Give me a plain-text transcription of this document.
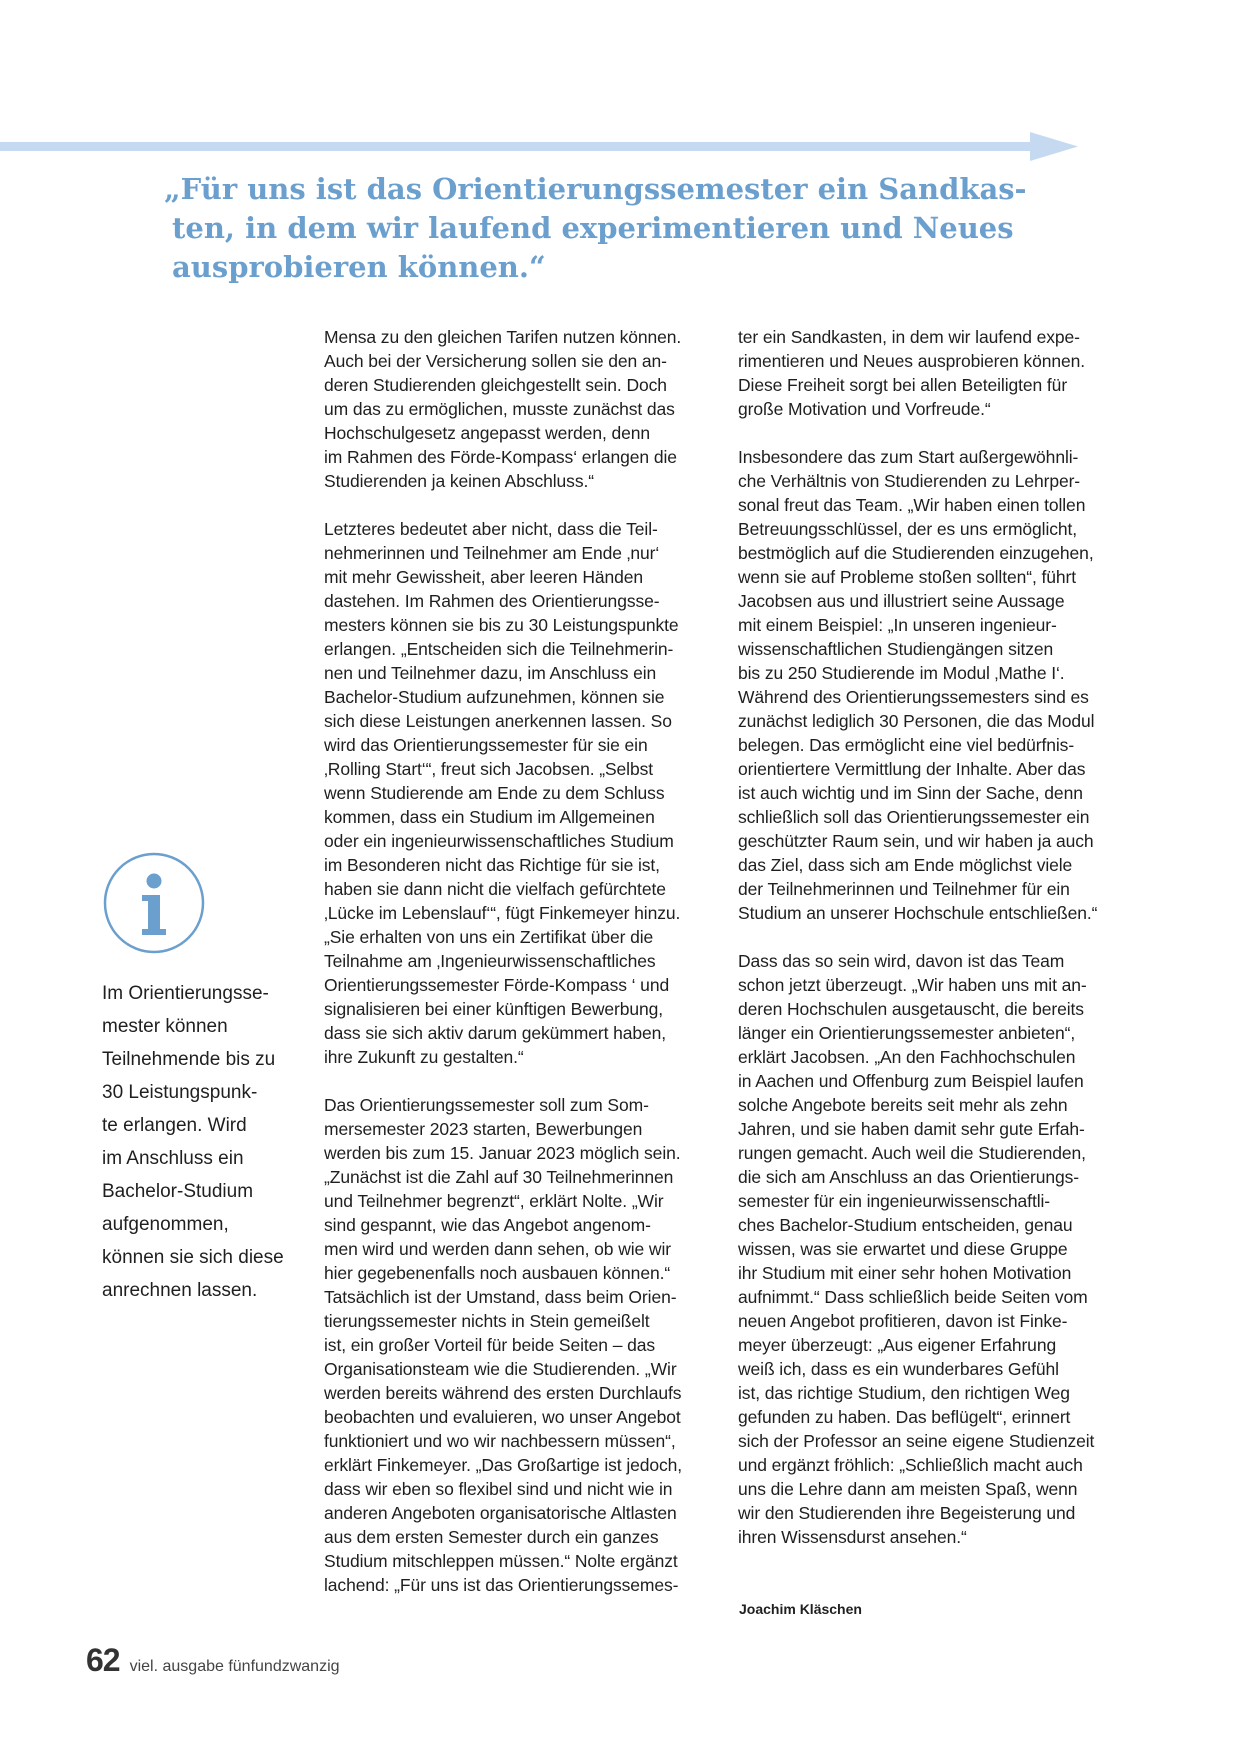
„Für uns ist das Orientierungssemester ein Sandkas-
ten, in dem wir laufend experimentieren und Neues
ausprobieren können.“
Im Orientierungsse-
mester können
Teilnehmende bis zu
30 Leistungspunk-
te erlangen. Wird
im Anschluss ein
Bachelor-Studium
aufgenommen,
können sie sich diese
anrechnen lassen.
Mensa zu den gleichen Tarifen nutzen können.
Auch bei der Versicherung sollen sie den an-
deren Studierenden gleichgestellt sein. Doch
um das zu ermöglichen, musste zunächst das
Hochschulgesetz angepasst werden, denn
im Rahmen des Förde-Kompass‘ erlangen die
Studierenden ja keinen Abschluss.“
Letzteres bedeutet aber nicht, dass die Teil-
nehmerinnen und Teilnehmer am Ende ‚nur‘
mit mehr Gewissheit, aber leeren Händen
dastehen. Im Rahmen des Orientierungsse-
mesters können sie bis zu 30 Leistungspunkte
erlangen. „Entscheiden sich die Teilnehmerin-
nen und Teilnehmer dazu, im Anschluss ein
Bachelor-Studium aufzunehmen, können sie
sich diese Leistungen anerkennen lassen. So
wird das Orientierungssemester für sie ein
‚Rolling Start‘“, freut sich Jacobsen. „Selbst
wenn Studierende am Ende zu dem Schluss
kommen, dass ein Studium im Allgemeinen
oder ein ingenieurwissenschaftliches Studium
im Besonderen nicht das Richtige für sie ist,
haben sie dann nicht die vielfach gefürchtete
‚Lücke im Lebenslauf‘“, fügt Finkemeyer hinzu.
„Sie erhalten von uns ein Zertifikat über die
Teilnahme am ‚Ingenieurwissenschaftliches
Orientierungssemester Förde-Kompass ‘ und
signalisieren bei einer künftigen Bewerbung,
dass sie sich aktiv darum gekümmert haben,
ihre Zukunft zu gestalten.“
Das Orientierungssemester soll zum Som-
mersemester 2023 starten, Bewerbungen
werden bis zum 15. Januar 2023 möglich sein.
„Zunächst ist die Zahl auf 30 Teilnehmerinnen
und Teilnehmer begrenzt“, erklärt Nolte. „Wir
sind gespannt, wie das Angebot angenom-
men wird und werden dann sehen, ob wie wir
hier gegebenenfalls noch ausbauen können.“
Tatsächlich ist der Umstand, dass beim Orien-
tierungssemester nichts in Stein gemeißelt
ist, ein großer Vorteil für beide Seiten – das
Organisationsteam wie die Studierenden. „Wir
werden bereits während des ersten Durchlaufs
beobachten und evaluieren, wo unser Angebot
funktioniert und wo wir nachbessern müssen“,
erklärt Finkemeyer. „Das Großartige ist jedoch,
dass wir eben so flexibel sind und nicht wie in
anderen Angeboten organisatorische Altlasten
aus dem ersten Semester durch ein ganzes
Studium mitschleppen müssen.“ Nolte ergänzt
lachend: „Für uns ist das Orientierungssemes-
ter ein Sandkasten, in dem wir laufend expe-
rimentieren und Neues ausprobieren können.
Diese Freiheit sorgt bei allen Beteiligten für
große Motivation und Vorfreude.“
Insbesondere das zum Start außergewöhnli-
che Verhältnis von Studierenden zu Lehrper-
sonal freut das Team. „Wir haben einen tollen
Betreuungsschlüssel, der es uns ermöglicht,
bestmöglich auf die Studierenden einzugehen,
wenn sie auf Probleme stoßen sollten“, führt
Jacobsen aus und illustriert seine Aussage
mit einem Beispiel: „In unseren ingenieur-
wissenschaftlichen Studiengängen sitzen
bis zu 250 Studierende im Modul ‚Mathe I‘.
Während des Orientierungssemesters sind es
zunächst lediglich 30 Personen, die das Modul
belegen. Das ermöglicht eine viel bedürfnis-
orientiertere Vermittlung der Inhalte. Aber das
ist auch wichtig und im Sinn der Sache, denn
schließlich soll das Orientierungssemester ein
geschützter Raum sein, und wir haben ja auch
das Ziel, dass sich am Ende möglichst viele
der Teilnehmerinnen und Teilnehmer für ein
Studium an unserer Hochschule entschließen.“
Dass das so sein wird, davon ist das Team
schon jetzt überzeugt. „Wir haben uns mit an-
deren Hochschulen ausgetauscht, die bereits
länger ein Orientierungssemester anbieten“,
erklärt Jacobsen. „An den Fachhochschulen
in Aachen und Offenburg zum Beispiel laufen
solche Angebote bereits seit mehr als zehn
Jahren, und sie haben damit sehr gute Erfah-
rungen gemacht. Auch weil die Studierenden,
die sich am Anschluss an das Orientierungs-
semester für ein ingenieurwissenschaftli-
ches Bachelor-Studium entscheiden, genau
wissen, was sie erwartet und diese Gruppe
ihr Studium mit einer sehr hohen Motivation
aufnimmt.“ Dass schließlich beide Seiten vom
neuen Angebot profitieren, davon ist Finke-
meyer überzeugt: „Aus eigener Erfahrung
weiß ich, dass es ein wunderbares Gefühl
ist, das richtige Studium, den richtigen Weg
gefunden zu haben. Das beflügelt“, erinnert
sich der Professor an seine eigene Studienzeit
und ergänzt fröhlich: „Schließlich macht auch
uns die Lehre dann am meisten Spaß, wenn
wir den Studierenden ihre Begeisterung und
ihren Wissensdurst ansehen.“
Joachim Kläschen
62 viel. ausgabe fünfundzwanzig
